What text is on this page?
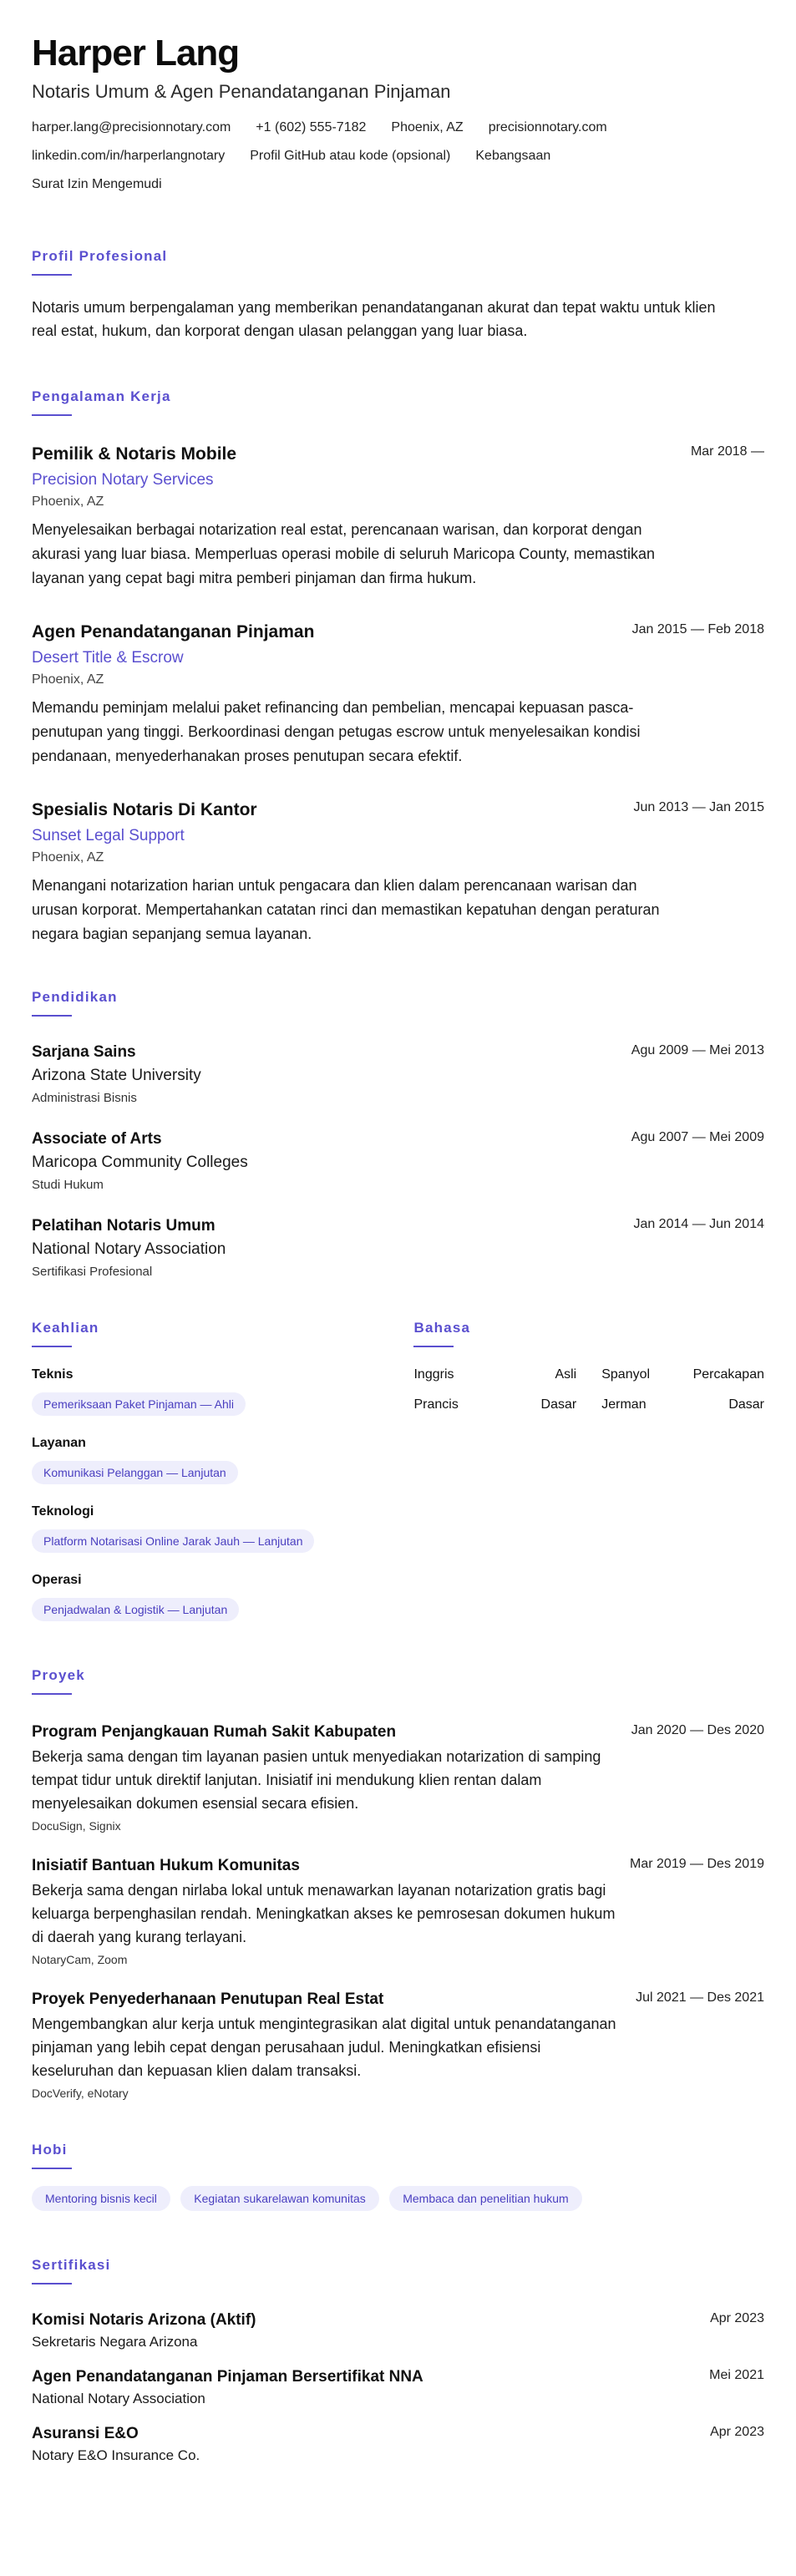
Harper Lang
Notaris Umum & Agen Penandatanganan Pinjaman
harper.lang@precisionnotary.com +1 (602) 555-7182 Phoenix, AZ precisionnotary.com
linkedin.com/in/harperlangnotary Profil GitHub atau kode (opsional) Kebangsaan
Surat Izin Mengemudi
Profil Profesional
Notaris umum berpengalaman yang memberikan penandatanganan akurat dan tepat waktu untuk klien real estat, hukum, dan korporat dengan ulasan pelanggan yang luar biasa.
Pengalaman Kerja
Pemilik & Notaris Mobile
Precision Notary Services
Phoenix, AZ
Menyelesaikan berbagai notarization real estat, perencanaan warisan, dan korporat dengan akurasi yang luar biasa. Memperluas operasi mobile di seluruh Maricopa County, memastikan layanan yang cepat bagi mitra pemberi pinjaman dan firma hukum.
Mar 2018 —
Agen Penandatanganan Pinjaman
Desert Title & Escrow
Phoenix, AZ
Memandu peminjam melalui paket refinancing dan pembelian, mencapai kepuasan pasca-penutupan yang tinggi. Berkoordinasi dengan petugas escrow untuk menyelesaikan kondisi pendanaan, menyederhanakan proses penutupan secara efektif.
Jan 2015 — Feb 2018
Spesialis Notaris Di Kantor
Sunset Legal Support
Phoenix, AZ
Menangani notarization harian untuk pengacara dan klien dalam perencanaan warisan dan urusan korporat. Mempertahankan catatan rinci dan memastikan kepatuhan dengan peraturan negara bagian sepanjang semua layanan.
Jun 2013 — Jan 2015
Pendidikan
Sarjana Sains
Arizona State University
Administrasi Bisnis
Agu 2009 — Mei 2013
Associate of Arts
Maricopa Community Colleges
Studi Hukum
Agu 2007 — Mei 2009
Pelatihan Notaris Umum
National Notary Association
Sertifikasi Profesional
Jan 2014 — Jun 2014
Keahlian
Teknis
Pemeriksaan Paket Pinjaman — Ahli
Layanan
Komunikasi Pelanggan — Lanjutan
Teknologi
Platform Notarisasi Online Jarak Jauh — Lanjutan
Operasi
Penjadwalan & Logistik — Lanjutan
Bahasa
Inggris	Asli Spanyol	Percakapan
Prancis	Dasar Jerman	Dasar
Proyek
Program Penjangkauan Rumah Sakit Kabupaten
Bekerja sama dengan tim layanan pasien untuk menyediakan notarization di samping tempat tidur untuk direktif lanjutan. Inisiatif ini mendukung klien rentan dalam menyelesaikan dokumen esensial secara efisien.
DocuSign, Signix
Jan 2020 — Des 2020
Inisiatif Bantuan Hukum Komunitas
Bekerja sama dengan nirlaba lokal untuk menawarkan layanan notarization gratis bagi keluarga berpenghasilan rendah. Meningkatkan akses ke pemrosesan dokumen hukum di daerah yang kurang terlayani.
NotaryCam, Zoom
Mar 2019 — Des 2019
Proyek Penyederhanaan Penutupan Real Estat
Mengembangkan alur kerja untuk mengintegrasikan alat digital untuk penandatanganan pinjaman yang lebih cepat dengan perusahaan judul. Meningkatkan efisiensi keseluruhan dan kepuasan klien dalam transaksi.
DocVerify, eNotary
Jul 2021 — Des 2021
Hobi
Mentoring bisnis kecil	Kegiatan sukarelawan komunitas	Membaca dan penelitian hukum
Sertifikasi
Komisi Notaris Arizona (Aktif)
Sekretaris Negara Arizona
Apr 2023
Agen Penandatanganan Pinjaman Bersertifikat NNA
National Notary Association
Mei 2021
Asuransi E&O
Notary E&O Insurance Co.
Apr 2023
